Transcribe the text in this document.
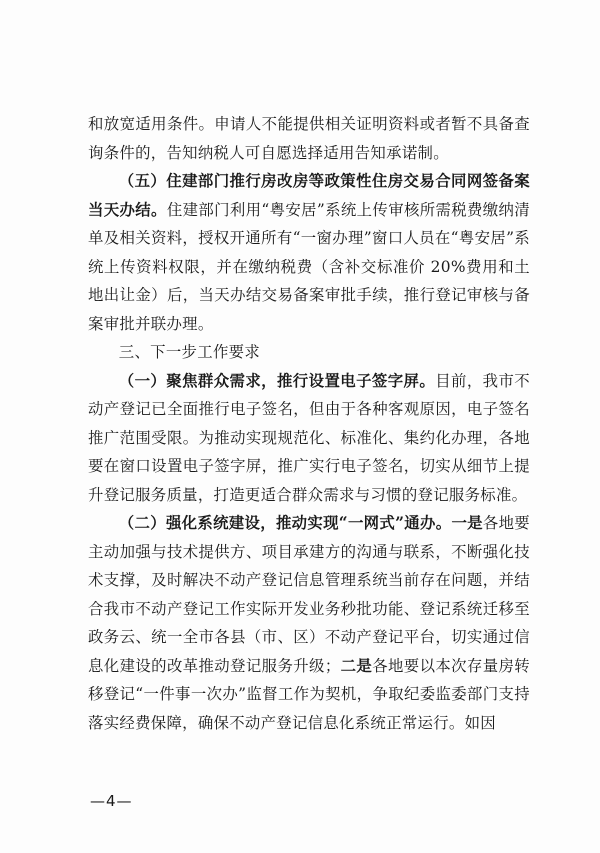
和放宽适用条件。申请人不能提供相关证明资料或者暂不具备查询条件的，告知纳税人可自愿选择适用告知承诺制。

（五）住建部门推行房改房等政策性住房交易合同网签备案当天办结。住建部门利用“粤安居”系统上传审核所需税费缴纳清单及相关资料，授权开通所有“一窗办理”窗口人员在“粤安居”系统上传资料权限，并在缴纳税费（含补交标准价 20%费用和土地出让金）后，当天办结交易备案审批手续，推行登记审核与备案审批并联办理。

三、下一步工作要求

（一）聚焦群众需求，推行设置电子签字屏。目前，我市不动产登记已全面推行电子签名，但由于各种客观原因，电子签名推广范围受限。为推动实现规范化、标准化、集约化办理，各地要在窗口设置电子签字屏，推广实行电子签名，切实从细节上提升登记服务质量，打造更适合群众需求与习惯的登记服务标准。

（二）强化系统建设，推动实现“一网式”通办。一是各地要主动加强与技术提供方、项目承建方的沟通与联系，不断强化技术支撑，及时解决不动产登记信息管理系统当前存在问题，并结合我市不动产登记工作实际开发业务秒批功能、登记系统迁移至政务云、统一全市各县（市、区）不动产登记平台，切实通过信息化建设的改革推动登记服务升级；二是各地要以本次存量房转移登记“一件事一次办”监督工作为契机，争取纪委监委部门支持落实经费保障，确保不动产登记信息化系统正常运行。如因

—4—
